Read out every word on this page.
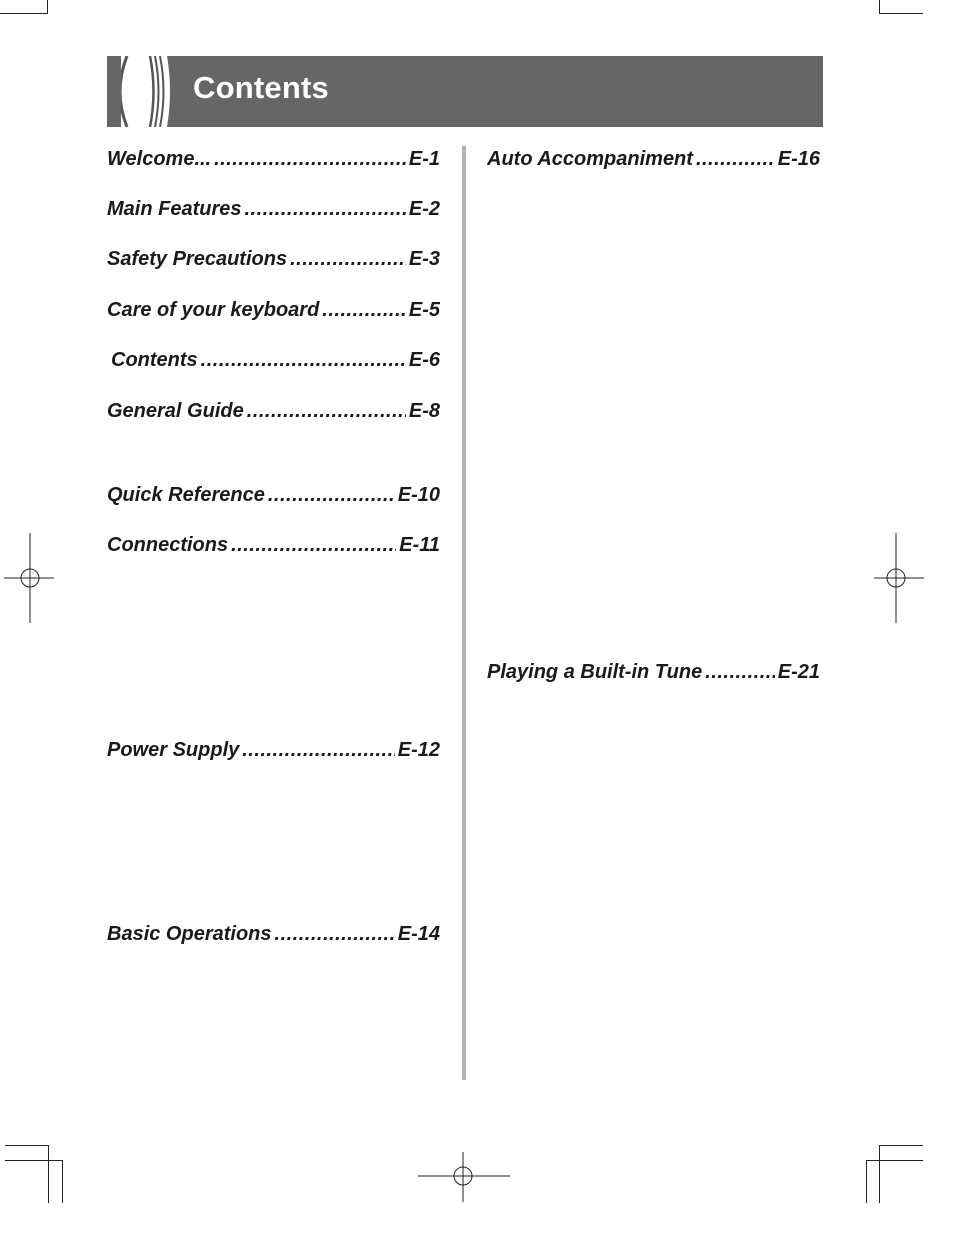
Contents
Welcome... .....	E-1
Main Features .....	E-2
Safety Precautions .....	E-3
Care of your keyboard .....	E-5
Contents .....	E-6
General Guide .....	E-8
Quick Reference .....	E-10
Connections .....	E-11
Power Supply .....	E-12
Basic Operations .....	E-14
Auto Accompaniment .....	E-16
Playing a Built-in Tune .....	E-21
